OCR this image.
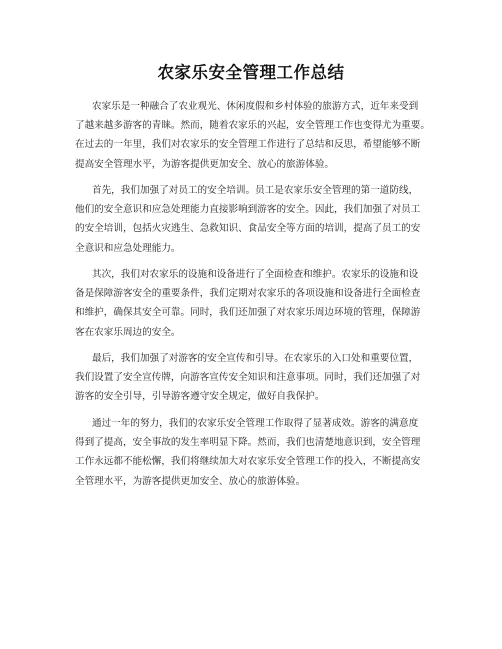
农家乐安全管理工作总结

农家乐是一种融合了农业观光、休闲度假和乡村体验的旅游方式，近年来受到
了越来越多游客的青睐。然而，随着农家乐的兴起，安全管理工作也变得尤为重要。
在过去的一年里，我们对农家乐的安全管理工作进行了总结和反思，希望能够不断
提高安全管理水平，为游客提供更加安全、放心的旅游体验。

首先，我们加强了对员工的安全培训。员工是农家乐安全管理的第一道防线，
他们的安全意识和应急处理能力直接影响到游客的安全。因此，我们加强了对员工
的安全培训，包括火灾逃生、急救知识、食品安全等方面的培训，提高了员工的安
全意识和应急处理能力。

其次，我们对农家乐的设施和设备进行了全面检查和维护。农家乐的设施和设
备是保障游客安全的重要条件，我们定期对农家乐的各项设施和设备进行全面检查
和维护，确保其安全可靠。同时，我们还加强了对农家乐周边环境的管理，保障游
客在农家乐周边的安全。

最后，我们加强了对游客的安全宣传和引导。在农家乐的入口处和重要位置，
我们设置了安全宣传牌，向游客宣传安全知识和注意事项。同时，我们还加强了对
游客的安全引导，引导游客遵守安全规定，做好自我保护。

通过一年的努力，我们的农家乐安全管理工作取得了显著成效。游客的满意度
得到了提高，安全事故的发生率明显下降。然而，我们也清楚地意识到，安全管理
工作永远都不能松懈，我们将继续加大对农家乐安全管理工作的投入，不断提高安
全管理水平，为游客提供更加安全、放心的旅游体验。
